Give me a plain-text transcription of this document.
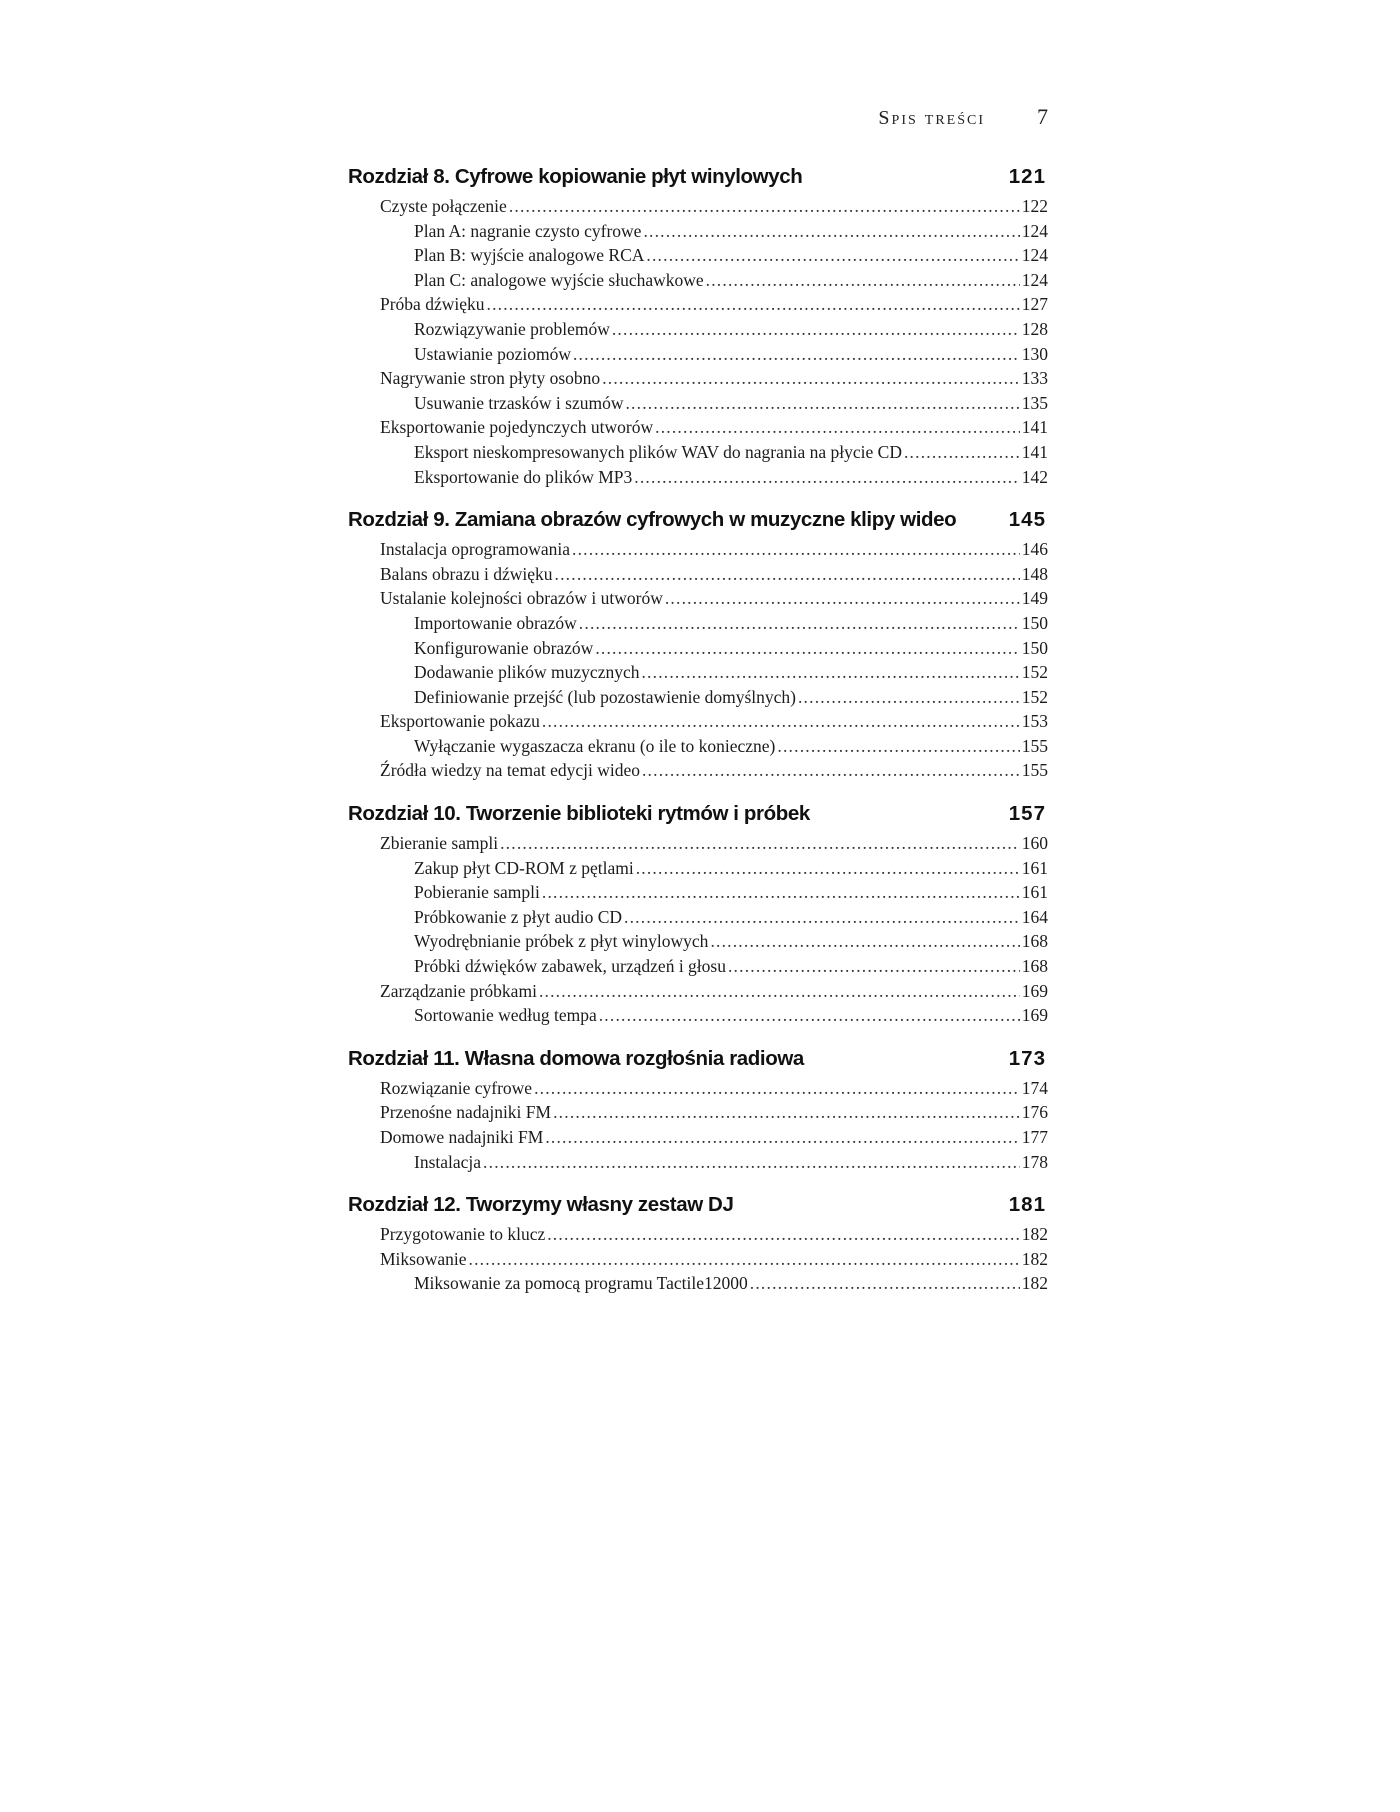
Spis treści 7
Rozdział 8. Cyfrowe kopiowanie płyt winylowych	121
Czyste połączenie .....	122
Plan A: nagranie czysto cyfrowe .....	124
Plan B: wyjście analogowe RCA .....	124
Plan C: analogowe wyjście słuchawkowe .....	124
Próba dźwięku .....	127
Rozwiązywanie problemów .....	128
Ustawianie poziomów .....	130
Nagrywanie stron płyty osobno .....	133
Usuwanie trzasków i szumów .....	135
Eksportowanie pojedynczych utworów .....	141
Eksport nieskompresowanych plików WAV do nagrania na płycie CD .....	141
Eksportowanie do plików MP3 .....	142
Rozdział 9. Zamiana obrazów cyfrowych w muzyczne klipy wideo	145
Instalacja oprogramowania .....	146
Balans obrazu i dźwięku .....	148
Ustalanie kolejności obrazów i utworów .....	149
Importowanie obrazów .....	150
Konfigurowanie obrazów .....	150
Dodawanie plików muzycznych .....	152
Definiowanie przejść (lub pozostawienie domyślnych) .....	152
Eksportowanie pokazu .....	153
Wyłączanie wygaszacza ekranu (o ile to konieczne) .....	155
Źródła wiedzy na temat edycji wideo .....	155
Rozdział 10. Tworzenie biblioteki rytmów i próbek	157
Zbieranie sampli .....	160
Zakup płyt CD-ROM z pętlami .....	161
Pobieranie sampli .....	161
Próbkowanie z płyt audio CD .....	164
Wyodrębnianie próbek z płyt winylowych .....	168
Próbki dźwięków zabawek, urządzeń i głosu .....	168
Zarządzanie próbkami .....	169
Sortowanie według tempa .....	169
Rozdział 11. Własna domowa rozgłośnia radiowa	173
Rozwiązanie cyfrowe .....	174
Przenośne nadajniki FM .....	176
Domowe nadajniki FM .....	177
Instalacja .....	178
Rozdział 12. Tworzymy własny zestaw DJ	181
Przygotowanie to klucz .....	182
Miksowanie .....	182
Miksowanie za pomocą programu Tactile12000 .....	182
